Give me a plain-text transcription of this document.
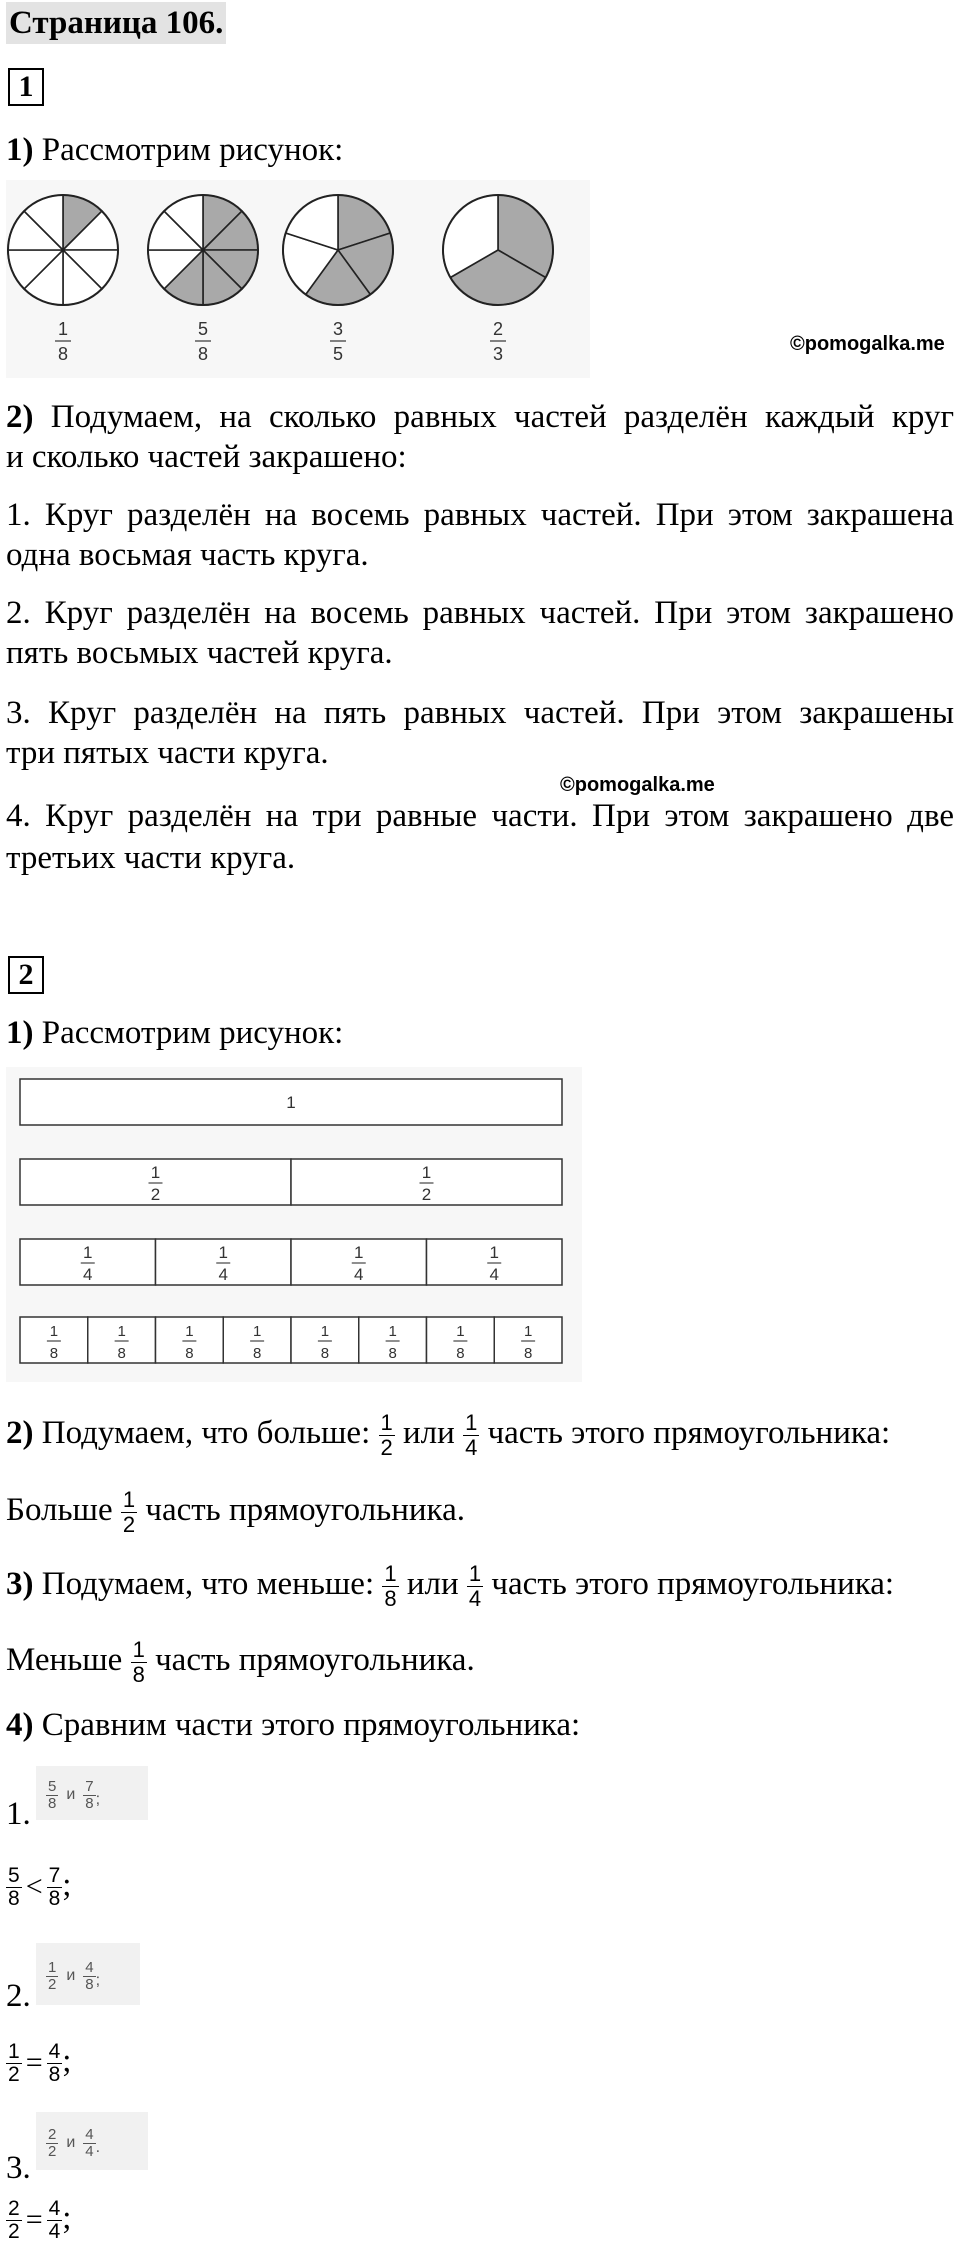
Страница 106.
1
1) Рассмотрим рисунок:
1
8
5
8
3
5
2
3	©pomogalka.me
2) Подумаем, на сколько равных частей разделён каждый круг
и сколько частей закрашено:
1. Круг разделён на восемь равных частей. При этом закрашена
одна восьмая часть круга.
2. Круг разделён на восемь равных частей. При этом закрашено
пять восьмых частей круга.
3. Круг разделён на пять равных частей. При этом закрашены
три пятых части круга.
©pomogalka.me
4. Круг разделён на три равные части. При этом закрашено две
третьих части круга.
2
1) Рассмотрим рисунок:
1
1
2
1
2
1
4
1
4
1
4
1
4
1
8
1
8
1
8
1
8
1
8
1
8
1
8
1
8
2) Подумаем, что больше: $\frac{1}{2}$ или $\frac{1}{4}$ часть этого прямоугольника:
Больше $\frac{1}{2}$ часть прямоугольника.
3) Подумаем, что меньше: $\frac{1}{8}$ или $\frac{1}{4}$ часть этого прямоугольника:
Меньше $\frac{1}{8}$ часть прямоугольника.
4) Сравним части этого прямоугольника:
1.
$\frac{5}{8}$ и $\frac{7}{8}$ ;
$\frac{5}{8} < \frac{7}{8}$ ;
2.
$\frac{1}{2}$ и $\frac{4}{8}$ ;
$\frac{1}{2} = \frac{4}{8}$ ;
3.
$\frac{2}{2}$ и $\frac{4}{4}$ .
$\frac{2}{2} = \frac{4}{4}$ ;
